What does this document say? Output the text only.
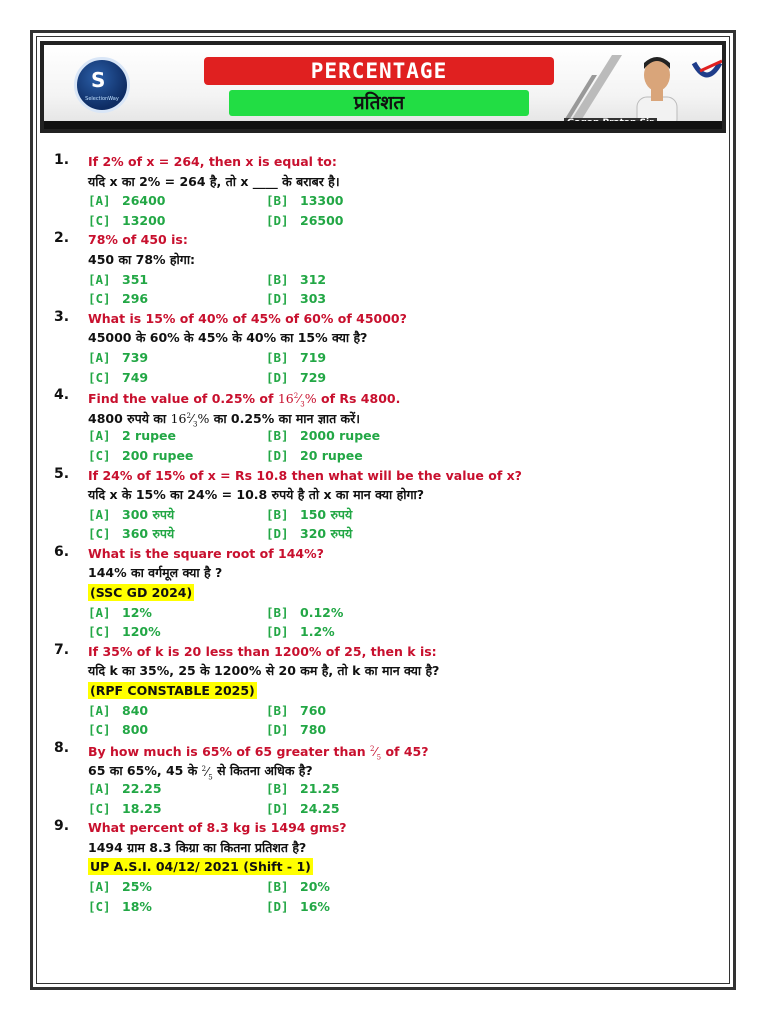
S
SelectionWay
PERCENTAGE
प्रतिशत
1. If 2% of x = 264, then x is equal to:
यदि x का 2% = 264 है, तो x ____ के बराबर है।
[A] 26400	[B] 13300
[C] 13200	[D] 26500
2. 78% of 450 is:
450 का 78% होगा:
[A] 351	[B] 312
[C] 296	[D] 303
3. What is 15% of 40% of 45% of 60% of 45000?
45000 के 60% के 45% के 40% का 15% क्या है?
[A] 739	[B] 719
[C] 749	[D] 729
4. Find the value of 0.25% of $16^2⁄_3\%$ of Rs 4800.
4800 रुपये का $16^2⁄_3\%$ का 0.25% का मान ज्ञात करें।
[A] 2 rupee	[B] 2000 rupee
[C] 200 rupee	[D] 20 rupee
5. If 24% of 15% of x = Rs 10.8 then what will be the value of x?
यदि x के 15% का 24% = 10.8 रुपये है तो x का मान क्या होगा?
[A] 300 रुपये	[B] 150 रुपये
[C] 360 रुपये	[D] 320 रुपये
6. What is the square root of 144%?
144% का वर्गमूल क्या है ?
(SSC GD 2024)
[A] 12%	[B] 0.12%
[C] 120%	[D] 1.2%
7. If 35% of k is 20 less than 1200% of 25, then k is:
यदि k का 35%, 25 के 1200% से 20 कम है, तो k का मान क्या है?
(RPF CONSTABLE 2025)
[A] 840	[B] 760
[C] 800	[D] 780
8. By how much is 65% of 65 greater than $^2⁄_5$ of 45?
65 का 65%, 45 के $^2⁄_5$ से कितना अधिक है?
[A] 22.25	[B] 21.25
[C] 18.25	[D] 24.25
9. What percent of 8.3 kg is 1494 gms?
1494 ग्राम 8.3 किग्रा का कितना प्रतिशत है?
UP A.S.I. 04/12/ 2021 (Shift - 1)
[A] 25%	[B] 20%
[C] 18%	[D] 16%
